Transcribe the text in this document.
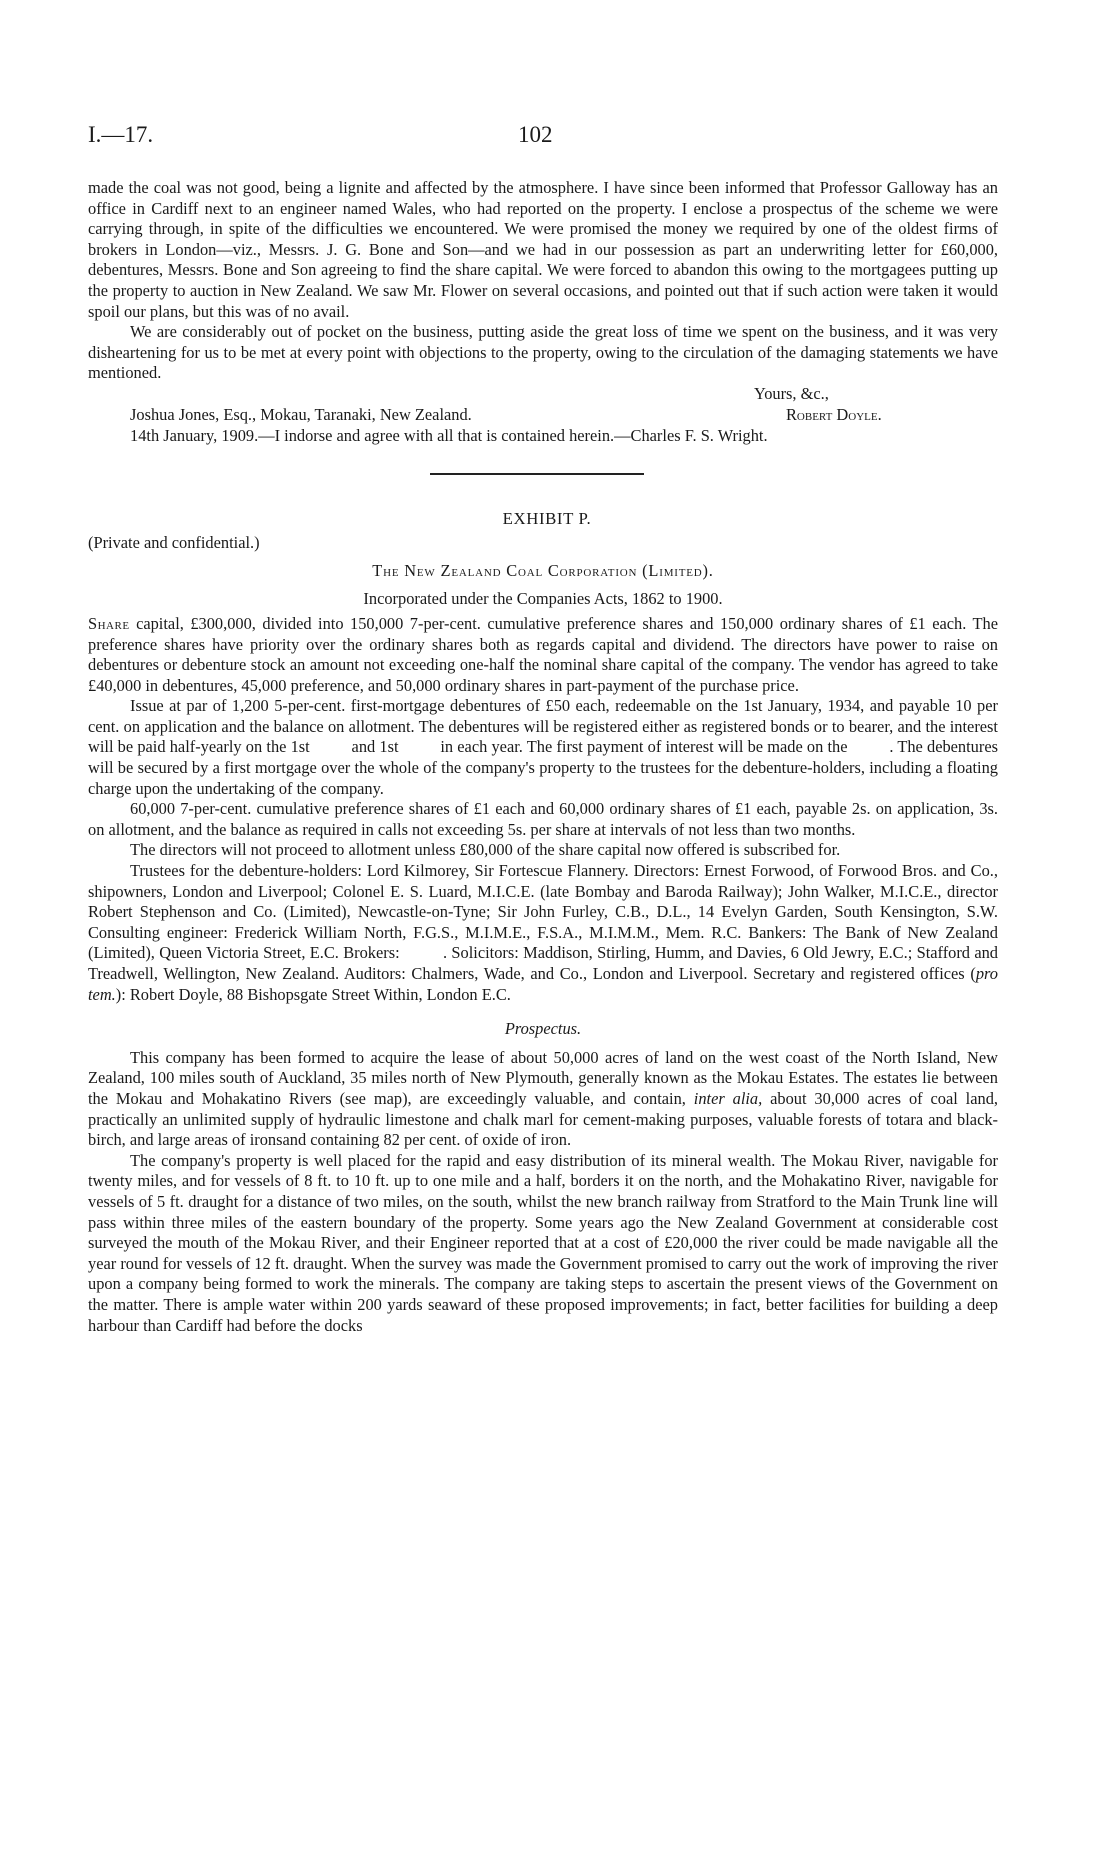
I.—17.	102

made the coal was not good, being a lignite and affected by the atmosphere. I have since been informed that Professor Galloway has an office in Cardiff next to an engineer named Wales, who had reported on the property. I enclose a prospectus of the scheme we were carrying through, in spite of the difficulties we encountered. We were promised the money we required by one of the oldest firms of brokers in London—viz., Messrs. J. G. Bone and Son—and we had in our possession as part an underwriting letter for £60,000, debentures, Messrs. Bone and Son agreeing to find the share capital. We were forced to abandon this owing to the mortgagees putting up the property to auction in New Zealand. We saw Mr. Flower on several occasions, and pointed out that if such action were taken it would spoil our plans, but this was of no avail.

We are considerably out of pocket on the business, putting aside the great loss of time we spent on the business, and it was very disheartening for us to be met at every point with objections to the property, owing to the circulation of the damaging statements we have mentioned.

Yours, &c.,
Joshua Jones, Esq., Mokau, Taranaki, New Zealand.	Robert Doyle.

14th January, 1909.—I indorse and agree with all that is contained herein.—Charles F. S. Wright.

EXHIBIT P.
(Private and confidential.)
The New Zealand Coal Corporation (Limited).
Incorporated under the Companies Acts, 1862 to 1900.

Share capital, £300,000, divided into 150,000 7-per-cent. cumulative preference shares and 150,000 ordinary shares of £1 each. The preference shares have priority over the ordinary shares both as regards capital and dividend. The directors have power to raise on debentures or debenture stock an amount not exceeding one-half the nominal share capital of the company. The vendor has agreed to take £40,000 in debentures, 45,000 preference, and 50,000 ordinary shares in part-payment of the purchase price.

Issue at par of 1,200 5-per-cent. first-mortgage debentures of £50 each, redeemable on the 1st January, 1934, and payable 10 per cent. on application and the balance on allotment. The debentures will be registered either as registered bonds or to bearer, and the interest will be paid half-yearly on the 1st          and 1st          in each year. The first payment of interest will be made on the          . The debentures will be secured by a first mortgage over the whole of the company's property to the trustees for the debenture-holders, including a floating charge upon the undertaking of the company.

60,000 7-per-cent. cumulative preference shares of £1 each and 60,000 ordinary shares of £1 each, payable 2s. on application, 3s. on allotment, and the balance as required in calls not exceeding 5s. per share at intervals of not less than two months.

The directors will not proceed to allotment unless £80,000 of the share capital now offered is subscribed for.

Trustees for the debenture-holders: Lord Kilmorey, Sir Fortescue Flannery. Directors: Ernest Forwood, of Forwood Bros. and Co., shipowners, London and Liverpool; Colonel E. S. Luard, M.I.C.E. (late Bombay and Baroda Railway); John Walker, M.I.C.E., director Robert Stephenson and Co. (Limited), Newcastle-on-Tyne; Sir John Furley, C.B., D.L., 14 Evelyn Garden, South Kensington, S.W. Consulting engineer: Frederick William North, F.G.S., M.I.M.E., F.S.A., M.I.M.M., Mem. R.C. Bankers: The Bank of New Zealand (Limited), Queen Victoria Street, E.C. Brokers:          . Solicitors: Maddison, Stirling, Humm, and Davies, 6 Old Jewry, E.C.; Stafford and Treadwell, Wellington, New Zealand. Auditors: Chalmers, Wade, and Co., London and Liverpool. Secretary and registered offices (pro tem.): Robert Doyle, 88 Bishopsgate Street Within, London E.C.

Prospectus.

This company has been formed to acquire the lease of about 50,000 acres of land on the west coast of the North Island, New Zealand, 100 miles south of Auckland, 35 miles north of New Plymouth, generally known as the Mokau Estates. The estates lie between the Mokau and Mohakatino Rivers (see map), are exceedingly valuable, and contain, inter alia, about 30,000 acres of coal land, practically an unlimited supply of hydraulic limestone and chalk marl for cement-making purposes, valuable forests of totara and black-birch, and large areas of ironsand containing 82 per cent. of oxide of iron.

The company's property is well placed for the rapid and easy distribution of its mineral wealth. The Mokau River, navigable for twenty miles, and for vessels of 8 ft. to 10 ft. up to one mile and a half, borders it on the north, and the Mohakatino River, navigable for vessels of 5 ft. draught for a distance of two miles, on the south, whilst the new branch railway from Stratford to the Main Trunk line will pass within three miles of the eastern boundary of the property. Some years ago the New Zealand Government at considerable cost surveyed the mouth of the Mokau River, and their Engineer reported that at a cost of £20,000 the river could be made navigable all the year round for vessels of 12 ft. draught. When the survey was made the Government promised to carry out the work of improving the river upon a company being formed to work the minerals. The company are taking steps to ascertain the present views of the Government on the matter. There is ample water within 200 yards seaward of these proposed improvements; in fact, better facilities for building a deep harbour than Cardiff had before the docks
